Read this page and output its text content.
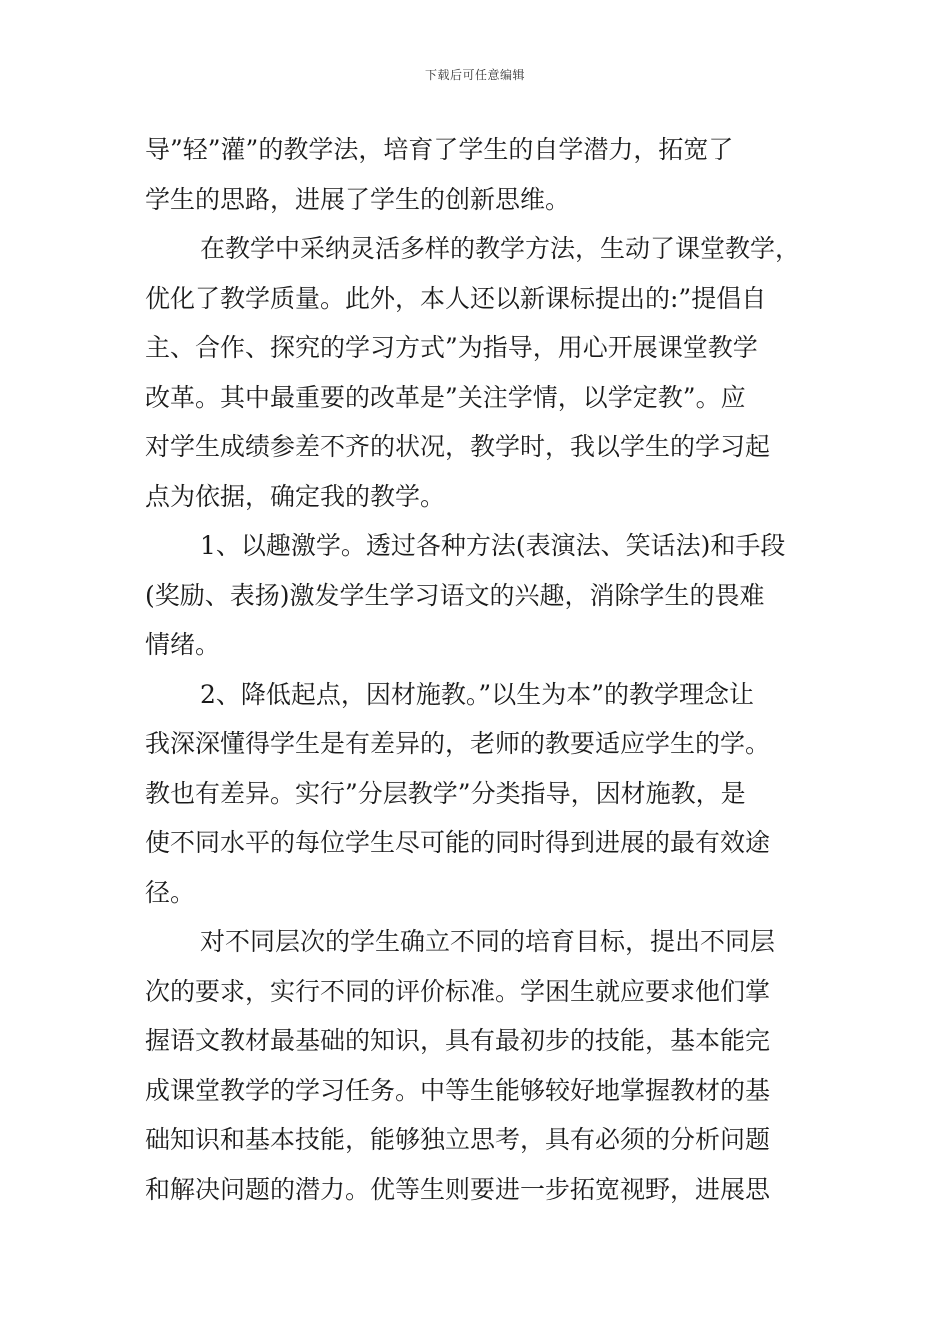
下载后可任意编辑
导”轻”灌”的教学法，培育了学生的自学潜力，拓宽了
学生的思路，进展了学生的创新思维。
在教学中采纳灵活多样的教学方法，生动了课堂教学，
优化了教学质量。此外，本人还以新课标提出的:”提倡自
主、合作、探究的学习方式”为指导，用心开展课堂教学
改革。其中最重要的改革是”关注学情，以学定教”。应
对学生成绩参差不齐的状况，教学时，我以学生的学习起
点为依据，确定我的教学。
1、以趣激学。透过各种方法(表演法、笑话法)和手段
(奖励、表扬)激发学生学习语文的兴趣，消除学生的畏难
情绪。
2、降低起点，因材施教。”以生为本”的教学理念让
我深深懂得学生是有差异的，老师的教要适应学生的学。
教也有差异。实行”分层教学”分类指导，因材施教，是
使不同水平的每位学生尽可能的同时得到进展的最有效途
径。
对不同层次的学生确立不同的培育目标，提出不同层
次的要求，实行不同的评价标准。学困生就应要求他们掌
握语文教材最基础的知识，具有最初步的技能，基本能完
成课堂教学的学习任务。中等生能够较好地掌握教材的基
础知识和基本技能，能够独立思考，具有必须的分析问题
和解决问题的潜力。优等生则要进一步拓宽视野，进展思
